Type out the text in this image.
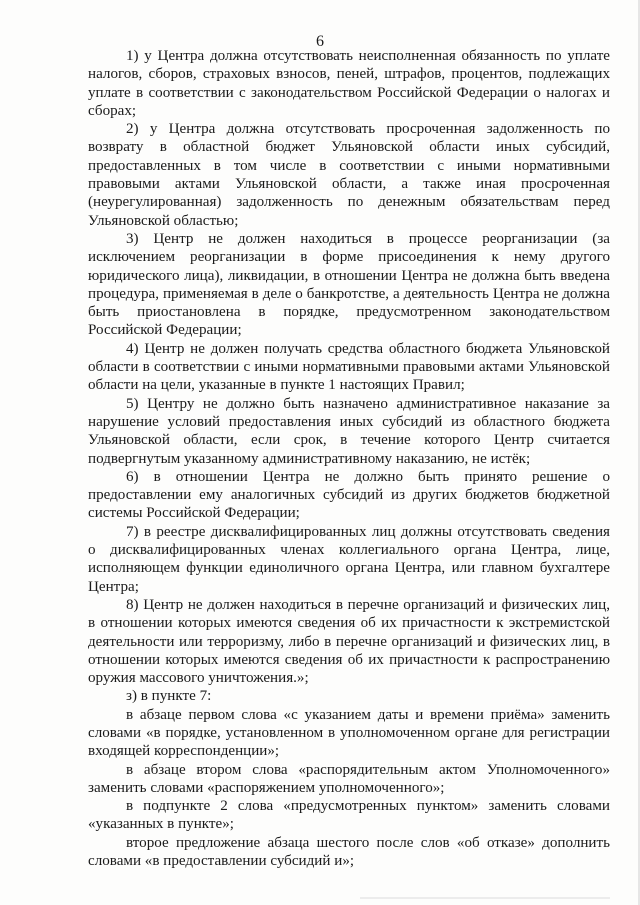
6

1) у Центра должна отсутствовать неисполненная обязанность по уплате налогов, сборов, страховых взносов, пеней, штрафов, процентов, подлежащих уплате в соответствии с законодательством Российской Федерации о налогах и сборах;

2) у Центра должна отсутствовать просроченная задолженность по возврату в областной бюджет Ульяновской области иных субсидий, предоставленных в том числе в соответствии с иными нормативными правовыми актами Ульяновской области, а также иная просроченная (неурегулированная) задолженность по денежным обязательствам перед Ульяновской областью;

3) Центр не должен находиться в процессе реорганизации (за исключением реорганизации в форме присоединения к нему другого юридического лица), ликвидации, в отношении Центра не должна быть введена процедура, применяемая в деле о банкротстве, а деятельность Центра не должна быть приостановлена в порядке, предусмотренном законодательством Российской Федерации;

4) Центр не должен получать средства областного бюджета Ульяновской области в соответствии с иными нормативными правовыми актами Ульяновской области на цели, указанные в пункте 1 настоящих Правил;

5) Центру не должно быть назначено административное наказание за нарушение условий предоставления иных субсидий из областного бюджета Ульяновской области, если срок, в течение которого Центр считается подвергнутым указанному административному наказанию, не истёк;

6) в отношении Центра не должно быть принято решение о предоставлении ему аналогичных субсидий из других бюджетов бюджетной системы Российской Федерации;

7) в реестре дисквалифицированных лиц должны отсутствовать сведения о дисквалифицированных членах коллегиального органа Центра, лице, исполняющем функции единоличного органа Центра, или главном бухгалтере Центра;

8) Центр не должен находиться в перечне организаций и физических лиц, в отношении которых имеются сведения об их причастности к экстремистской деятельности или терроризму, либо в перечне организаций и физических лиц, в отношении которых имеются сведения об их причастности к распространению оружия массового уничтожения.»;

з) в пункте 7:

в абзаце первом слова «с указанием даты и времени приёма» заменить словами «в порядке, установленном в уполномоченном органе для регистрации входящей корреспонденции»;

в абзаце втором слова «распорядительным актом Уполномоченного» заменить словами «распоряжением уполномоченного»;

в подпункте 2 слова «предусмотренных пунктом» заменить словами «указанных в пункте»;

второе предложение абзаца шестого после слов «об отказе» дополнить словами «в предоставлении субсидий и»;
